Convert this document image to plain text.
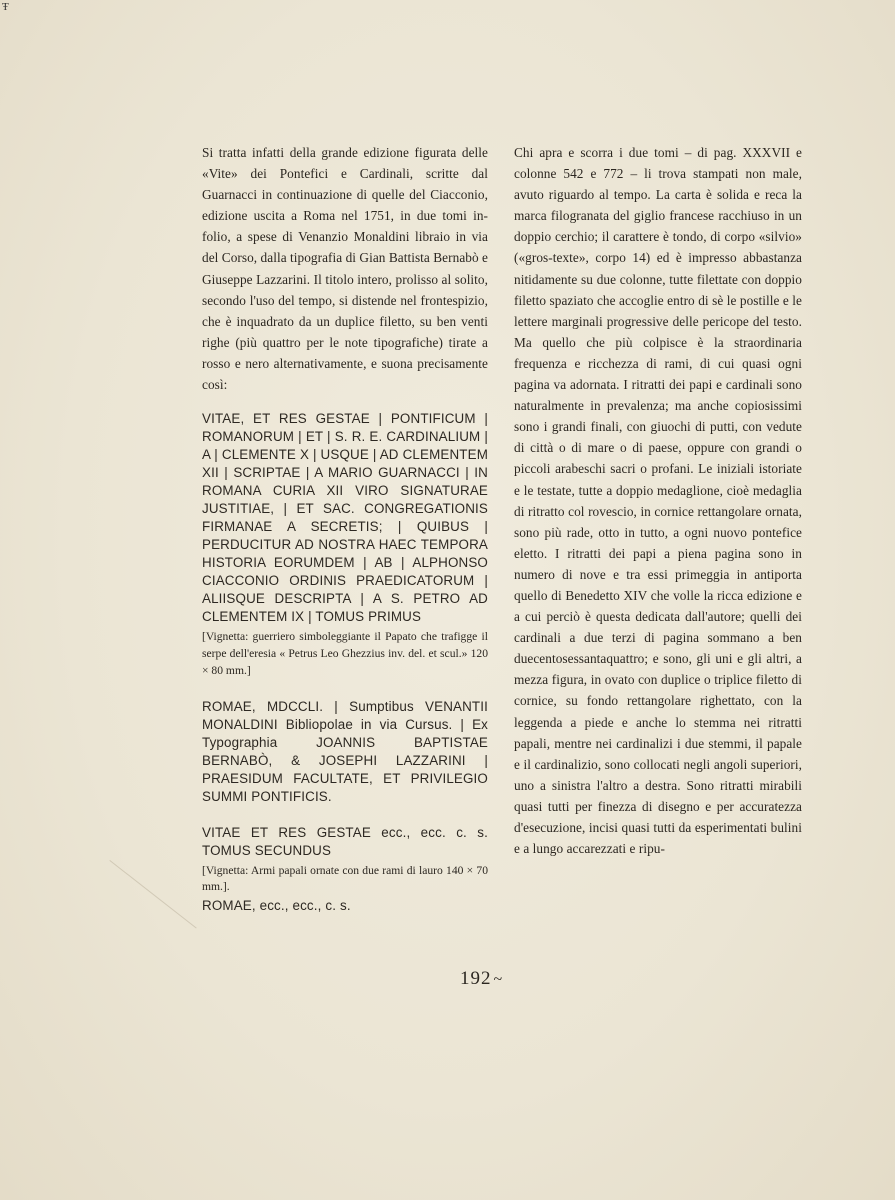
Ŧ

Si tratta infatti della grande edizione figurata delle «Vite» dei Pontefici e Cardinali, scritte dal Guarnacci in continuazione di quelle del Ciacconio, edizione uscita a Roma nel 1751, in due tomi in-folio, a spese di Venanzio Monaldini libraio in via del Corso, dalla tipografia di Gian Battista Bernabò e Giuseppe Lazzarini. Il titolo intero, prolisso al solito, secondo l'uso del tempo, si distende nel frontespizio, che è inquadrato da un duplice filetto, su ben venti righe (più quattro per le note tipografiche) tirate a rosso e nero alternativamente, e suona precisamente così:

VITAE, ET RES GESTAE | PONTIFICUM | ROMANORUM | ET | S. R. E. CARDINALIUM | A | CLEMENTE X | USQUE | AD CLEMENTEM XII | SCRIPTAE | A MARIO GUARNACCI | IN ROMANA CURIA XII VIRO SIGNATURAE JUSTITIAE, | ET SAC. CONGREGATIONIS FIRMANAE A SECRETIS; | QUIBUS | PERDUCITUR AD NOSTRA HAEC TEMPORA HISTORIA EORUMDEM | AB | ALPHONSO CIACCONIO ORDINIS PRAEDICATORUM | ALIISQUE DESCRIPTA | A S. PETRO AD CLEMENTEM IX | TOMUS PRIMUS

[Vignetta: guerriero simboleggiante il Papato che trafigge il serpe dell'eresia « Petrus Leo Ghezzius inv. del. et scul.» 120 × 80 mm.]

ROMAE, MDCCLI. | Sumptibus VENANTII MONALDINI Bibliopolae in via Cursus. | Ex Typographia JOANNIS BAPTISTAE BERNABÒ, & JOSEPHI LAZZARINI | PRAESIDUM FACULTATE, ET PRIVILEGIO SUMMI PONTIFICIS.

VITAE ET RES GESTAE ecc., ecc. c. s. TOMUS SECUNDUS

[Vignetta: Armi papali ornate con due rami di lauro 140 × 70 mm.].

ROMAE, ecc., ecc., c. s.

Chi apra e scorra i due tomi – di pag. XXXVII e colonne 542 e 772 – li trova stampati non male, avuto riguardo al tempo. La carta è solida e reca la marca filogranata del giglio francese racchiuso in un doppio cerchio; il carattere è tondo, di corpo «silvio» («gros-texte», corpo 14) ed è impresso abbastanza nitidamente su due colonne, tutte filettate con doppio filetto spaziato che accoglie entro di sè le postille e le lettere marginali progressive delle pericope del testo. Ma quello che più colpisce è la straordinaria frequenza e ricchezza di rami, di cui quasi ogni pagina va adornata. I ritratti dei papi e cardinali sono naturalmente in prevalenza; ma anche copiosissimi sono i grandi finali, con giuochi di putti, con vedute di città o di mare o di paese, oppure con grandi o piccoli arabeschi sacri o profani. Le iniziali istoriate e le testate, tutte a doppio medaglione, cioè medaglia di ritratto col rovescio, in cornice rettangolare ornata, sono più rade, otto in tutto, a ogni nuovo pontefice eletto. I ritratti dei papi a piena pagina sono in numero di nove e tra essi primeggia in antiporta quello di Benedetto XIV che volle la ricca edizione e a cui perciò è questa dedicata dall'autore; quelli dei cardinali a due terzi di pagina sommano a ben duecentosessantaquattro; e sono, gli uni e gli altri, a mezza figura, in ovato con duplice o triplice filetto di cornice, su fondo rettangolare righettato, con la leggenda a piede e anche lo stemma nei ritratti papali, mentre nei cardinalizi i due stemmi, il papale e il cardinalizio, sono collocati negli angoli superiori, uno a sinistra l'altro a destra. Sono ritratti mirabili quasi tutti per finezza di disegno e per accuratezza d'esecuzione, incisi quasi tutti da esperimentati bulini e a lungo accarezzati e ripu-

192 ~
